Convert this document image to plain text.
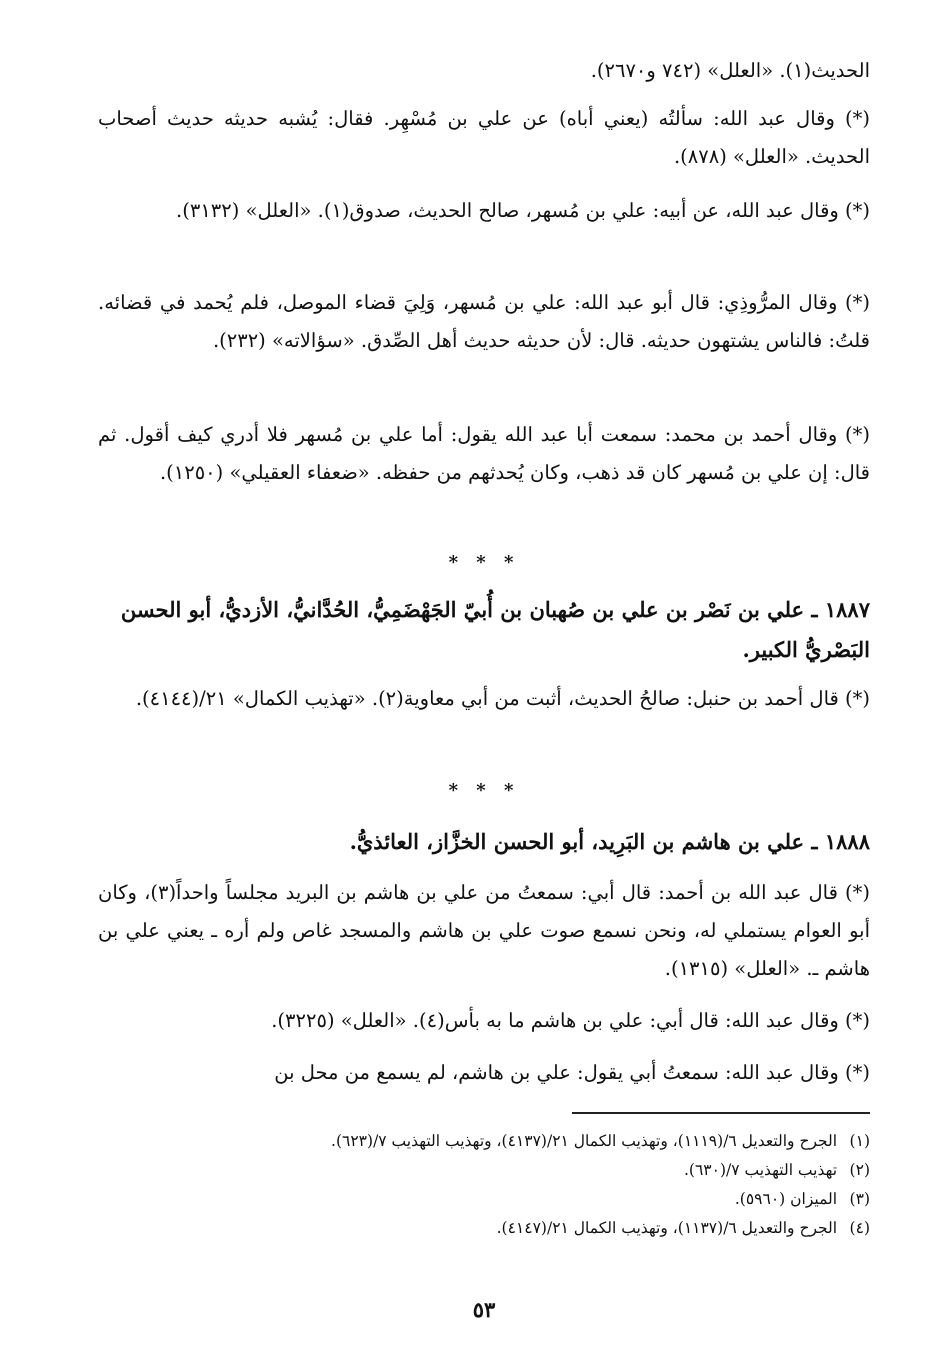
الحديث(١). «العلل» (٧٤٢ و٢٦٧٠).

(*) وقال عبد الله: سألتُه (يعني أباه) عن علي بن مُسْهِر. فقال: يُشبه حديثه حديث أصحاب الحديث. «العلل» (٨٧٨).

(*) وقال عبد الله، عن أبيه: علي بن مُسهر، صالح الحديث، صدوق(١). «العلل» (٣١٣٢).

(*) وقال المرُّوذِي: قال أبو عبد الله: علي بن مُسهر، وَلِيَ قضاء الموصل، فلم يُحمد في قضائه. قلتُ: فالناس يشتهون حديثه. قال: لأن حديثه حديث أهل الصِّدق. «سؤالاته» (٢٣٢).

(*) وقال أحمد بن محمد: سمعت أبا عبد الله يقول: أما علي بن مُسهر فلا أدري كيف أقول. ثم قال: إن علي بن مُسهر كان قد ذهب، وكان يُحدثهم من حفظه. «ضعفاء العقيلي» (١٢٥٠).

* * *
١٨٨٧ ـ علي بن نَصْر بن علي بن صُهبان بن أُبيّ الجَهْضَمِيُّ، الحُدَّانيُّ، الأزديُّ، أبو الحسن البَصْريُّ الكبير.

(*) قال أحمد بن حنبل: صالحُ الحديث، أثبت من أبي معاوية(٢). «تهذيب الكمال» ٢١/(٤١٤٤).

* * *
١٨٨٨ ـ علي بن هاشم بن البَرِيد، أبو الحسن الخزَّاز، العائذيُّ.

(*) قال عبد الله بن أحمد: قال أبي: سمعتُ من علي بن هاشم بن البريد مجلساً واحداً(٣)، وكان أبو العوام يستملي له، ونحن نسمع صوت علي بن هاشم والمسجد غاص ولم أره ـ يعني علي بن هاشم ـ. «العلل» (١٣١٥).

(*) وقال عبد الله: قال أبي: علي بن هاشم ما به بأس(٤). «العلل» (٣٢٢٥).

(*) وقال عبد الله: سمعتُ أبي يقول: علي بن هاشم، لم يسمع من محل بن

(١) الجرح والتعديل ٦/(١١١٩)، وتهذيب الكمال ٢١/(٤١٣٧)، وتهذيب التهذيب ٧/(٦٢٣).
(٢) تهذيب التهذيب ٧/(٦٣٠).
(٣) الميزان (٥٩٦٠).
(٤) الجرح والتعديل ٦/(١١٣٧)، وتهذيب الكمال ٢١/(٤١٤٧).
٥٣
